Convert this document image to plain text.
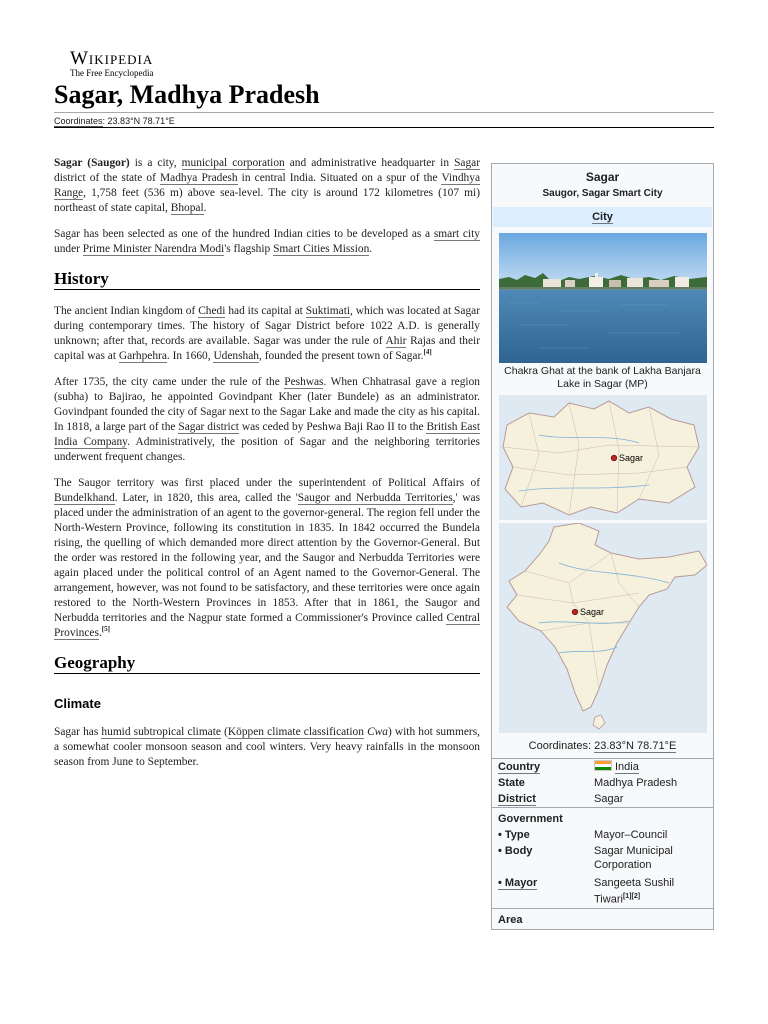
Wikipedia
The Free Encyclopedia
Sagar, Madhya Pradesh
Coordinates: 23.83°N 78.71°E

Sagar (Saugor) is a city, municipal corporation and administrative headquarter in Sagar district of the state of Madhya Pradesh in central India. Situated on a spur of the Vindhya Range, 1,758 feet (536 m) above sea-level. The city is around 172 kilometres (107 mi) northeast of state capital, Bhopal.

Sagar has been selected as one of the hundred Indian cities to be developed as a smart city under Prime Minister Narendra Modi's flagship Smart Cities Mission.

History

The ancient Indian kingdom of Chedi had its capital at Suktimati, which was located at Sagar during contemporary times. The history of Sagar District before 1022 A.D. is generally unknown; after that, records are available. Sagar was under the rule of Ahir Rajas and their capital was at Garhpehra. In 1660, Udenshah, founded the present town of Sagar.[4]

After 1735, the city came under the rule of the Peshwas. When Chhatrasal gave a region (subha) to Bajirao, he appointed Govindpant Kher (later Bundele) as an administrator. Govindpant founded the city of Sagar next to the Sagar Lake and made the city as his capital. In 1818, a large part of the Sagar district was ceded by Peshwa Baji Rao II to the British East India Company. Administratively, the position of Sagar and the neighboring territories underwent frequent changes.

The Saugor territory was first placed under the superintendent of Political Affairs of Bundelkhand. Later, in 1820, this area, called the 'Saugor and Nerbudda Territories,' was placed under the administration of an agent to the governor-general. The region fell under the North-Western Province, following its constitution in 1835. In 1842 occurred the Bundela rising, the quelling of which demanded more direct attention by the Governor-General. But the order was restored in the following year, and the Saugor and Nerbudda Territories were again placed under the political control of an Agent named to the Governor-General. The arrangement, however, was not found to be satisfactory, and these territories were once again restored to the North-Western Provinces in 1853. After that in 1861, the Saugor and Nerbudda territories and the Nagpur state formed a Commissioner's Province called Central Provinces.[5]

Geography
Climate

Sagar has humid subtropical climate (Köppen climate classification Cwa) with hot summers, a somewhat cooler monsoon season and cool winters. Very heavy rainfalls in the monsoon season from June to September.

Sagar
Saugor, Sagar Smart City
City
Chakra Ghat at the bank of Lakha Banjara Lake in Sagar (MP)
Sagar
Sagar
Coordinates: 23.83°N 78.71°E
Country	India
State	Madhya Pradesh
District	Sagar
Government	
• Type	Mayor–Council
• Body	Sagar Municipal Corporation
• Mayor	Sangeeta Sushil Tiwari[1][2]
Area	
